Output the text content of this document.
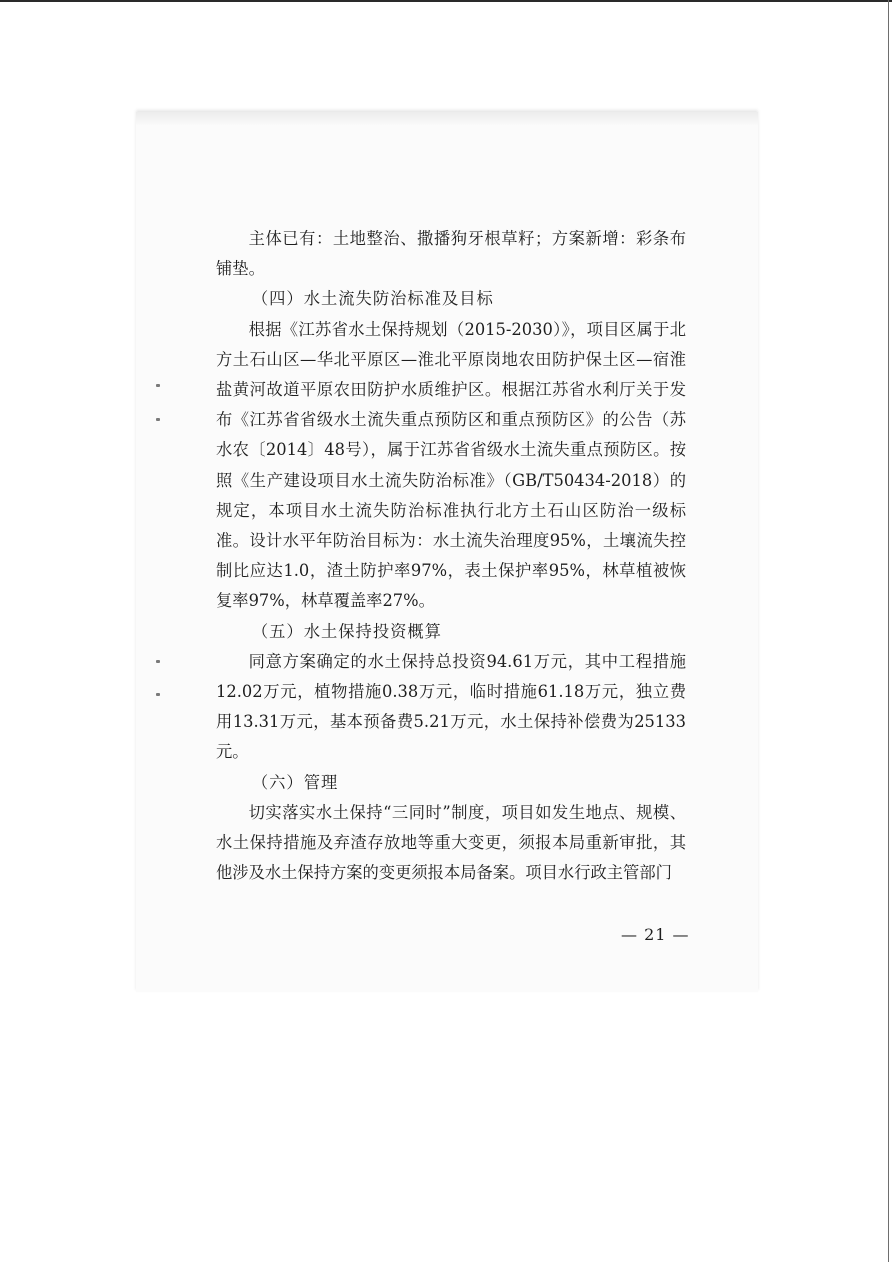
主体已有：土地整治、撒播狗牙根草籽；方案新增：彩条布铺垫。

（四）水土流失防治标准及目标

根据《江苏省水土保持规划（2015-2030）》，项目区属于北方土石山区—华北平原区—淮北平原岗地农田防护保土区—宿淮盐黄河故道平原农田防护水质维护区。根据江苏省水利厅关于发布《江苏省省级水土流失重点预防区和重点预防区》的公告（苏水农〔2014〕48号），属于江苏省省级水土流失重点预防区。按照《生产建设项目水土流失防治标准》（GB/T50434-2018）的规定，本项目水土流失防治标准执行北方土石山区防治一级标准。设计水平年防治目标为：水土流失治理度95%，土壤流失控制比应达1.0，渣土防护率97%，表土保护率95%，林草植被恢复率97%，林草覆盖率27%。

（五）水土保持投资概算

同意方案确定的水土保持总投资94.61万元，其中工程措施12.02万元，植物措施0.38万元，临时措施61.18万元，独立费用13.31万元，基本预备费5.21万元，水土保持补偿费为25133元。

（六）管理

切实落实水土保持“三同时”制度，项目如发生地点、规模、水土保持措施及弃渣存放地等重大变更，须报本局重新审批，其他涉及水土保持方案的变更须报本局备案。项目水行政主管部门

— 21 —
